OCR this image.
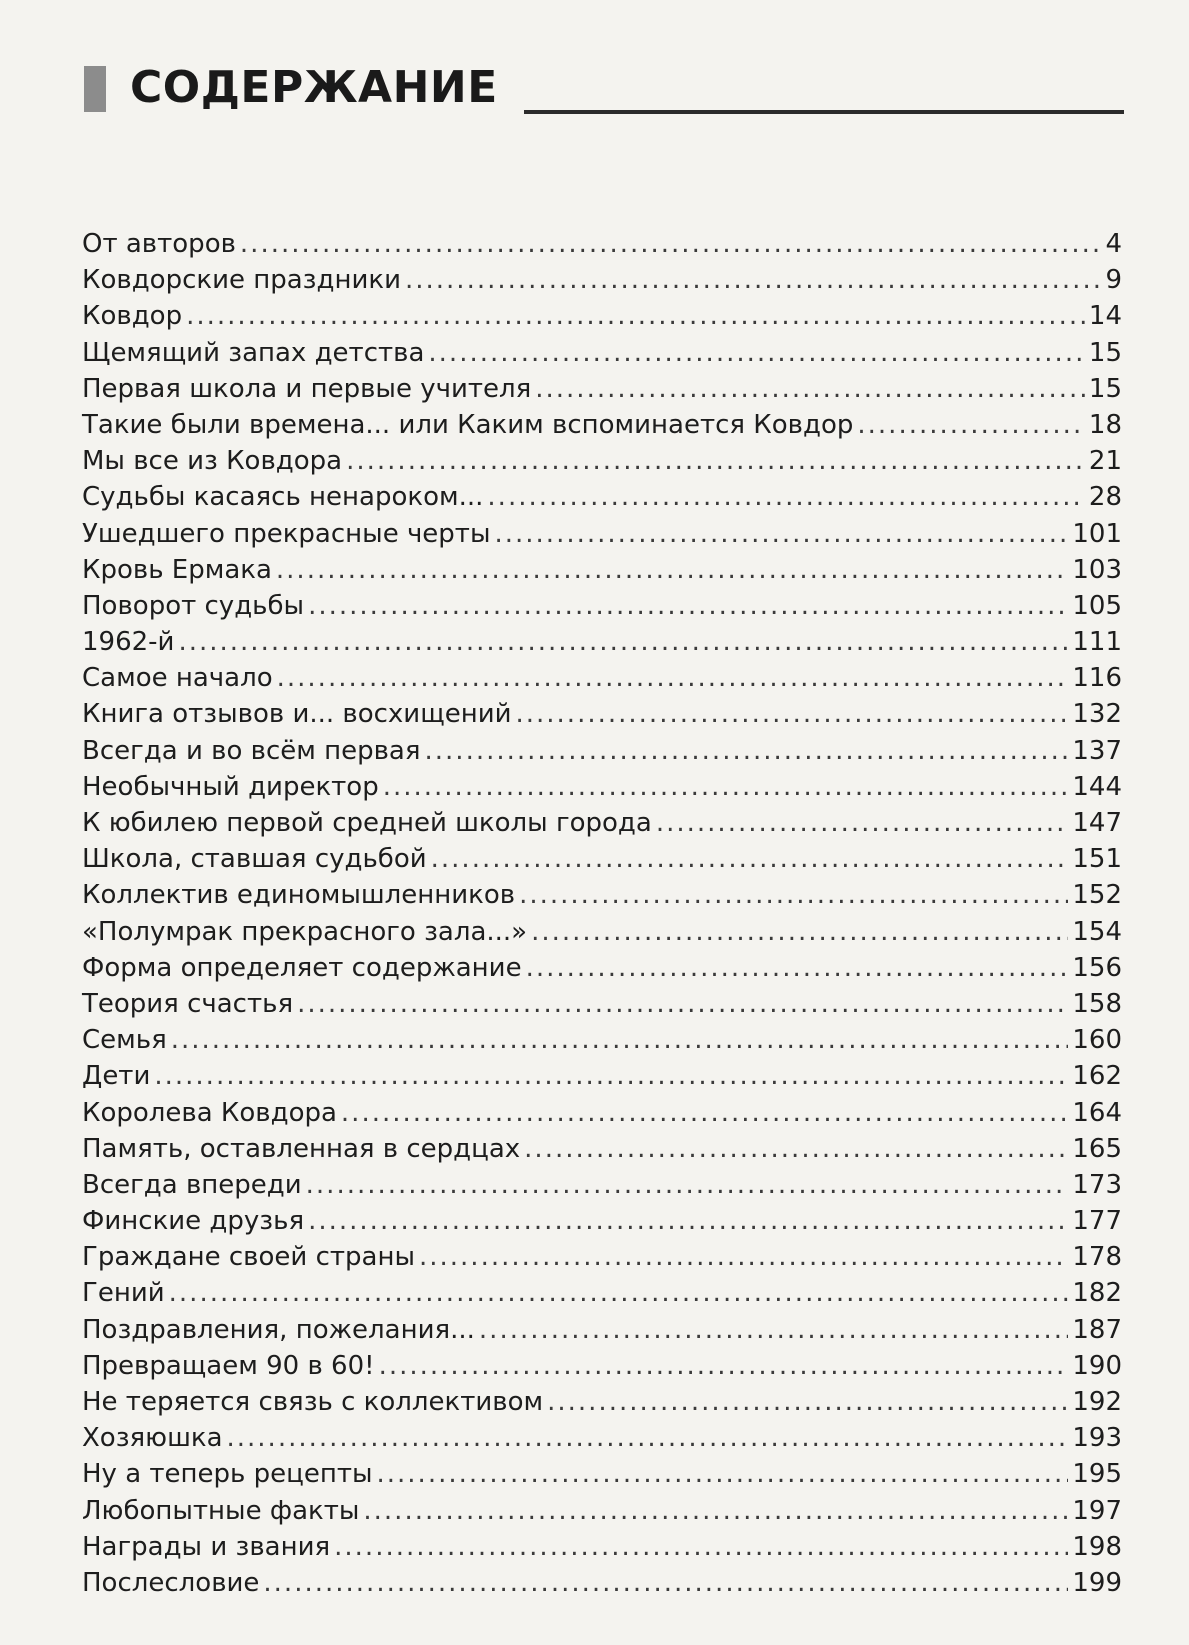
СОДЕРЖАНИЕ
От авторов .....	4
Ковдорские праздники .....	9
Ковдор .....	14
Щемящий запах детства .....	15
Первая школа и первые учителя .....	15
Такие были времена... или Каким вспоминается Ковдор .....	18
Мы все из Ковдора .....	21
Судьбы касаясь ненароком... .....	28
Ушедшего прекрасные черты .....	101
Кровь Ермака .....	103
Поворот судьбы .....	105
1962-й .....	111
Самое начало .....	116
Книга отзывов и... восхищений .....	132
Всегда и во всём первая .....	137
Необычный директор .....	144
К юбилею первой средней школы города .....	147
Школа, ставшая судьбой .....	151
Коллектив единомышленников .....	152
«Полумрак прекрасного зала...» .....	154
Форма определяет содержание .....	156
Теория счастья .....	158
Семья .....	160
Дети .....	162
Королева Ковдора .....	164
Память, оставленная в сердцах .....	165
Всегда впереди .....	173
Финские друзья .....	177
Граждане своей страны .....	178
Гений .....	182
Поздравления, пожелания... .....	187
Превращаем 90 в 60! .....	190
Не теряется связь с коллективом .....	192
Хозяюшка .....	193
Ну а теперь рецепты .....	195
Любопытные факты .....	197
Награды и звания .....	198
Послесловие .....	199
